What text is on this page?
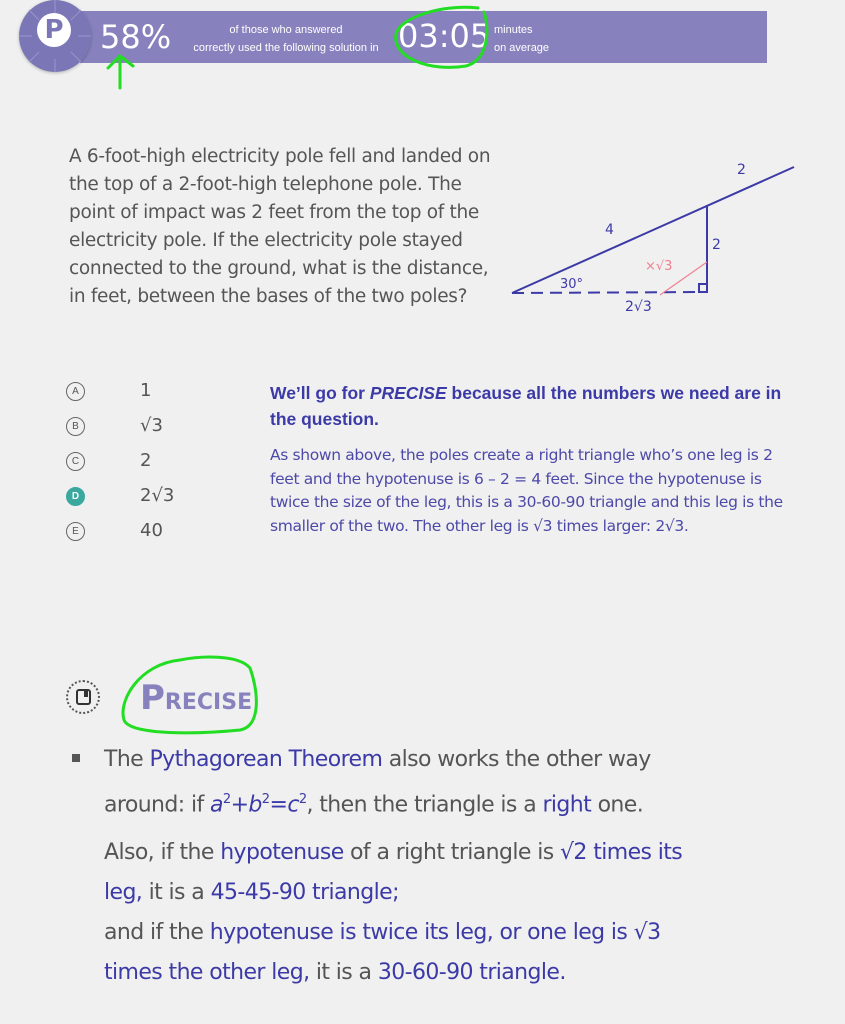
P 58%	of those who answered
correctly used the following solution in 03:05 minutes
on average
A 6-foot-high electricity pole fell and landed on the top of a 2-foot-high telephone pole. The point of impact was 2 feet from the top of the electricity pole. If the electricity pole stayed connected to the ground, what is the distance, in feet, between the bases of the two poles?
2
4
2
30°
2√3
×√3
A	1
B	√3
C	2
D	2√3
E	40
We’ll go for PRECISE because all the numbers we need are in the question.
As shown above, the poles create a right triangle who’s one leg is 2 feet and the hypotenuse is 6 – 2 = 4 feet. Since the hypotenuse is twice the size of the leg, this is a 30-60-90 triangle and this leg is the smaller of the two. The other leg is √3 times larger: 2√3.
PRECISE

The Pythagorean Theorem also works the other way around: if $a^2+b^2=c^2$, then the triangle is a right one.

Also, if the hypotenuse of a right triangle is √2 times its leg, it is a 45-45-90 triangle;

and if the hypotenuse is twice its leg, or one leg is √3 times the other leg, it is a 30-60-90 triangle.
